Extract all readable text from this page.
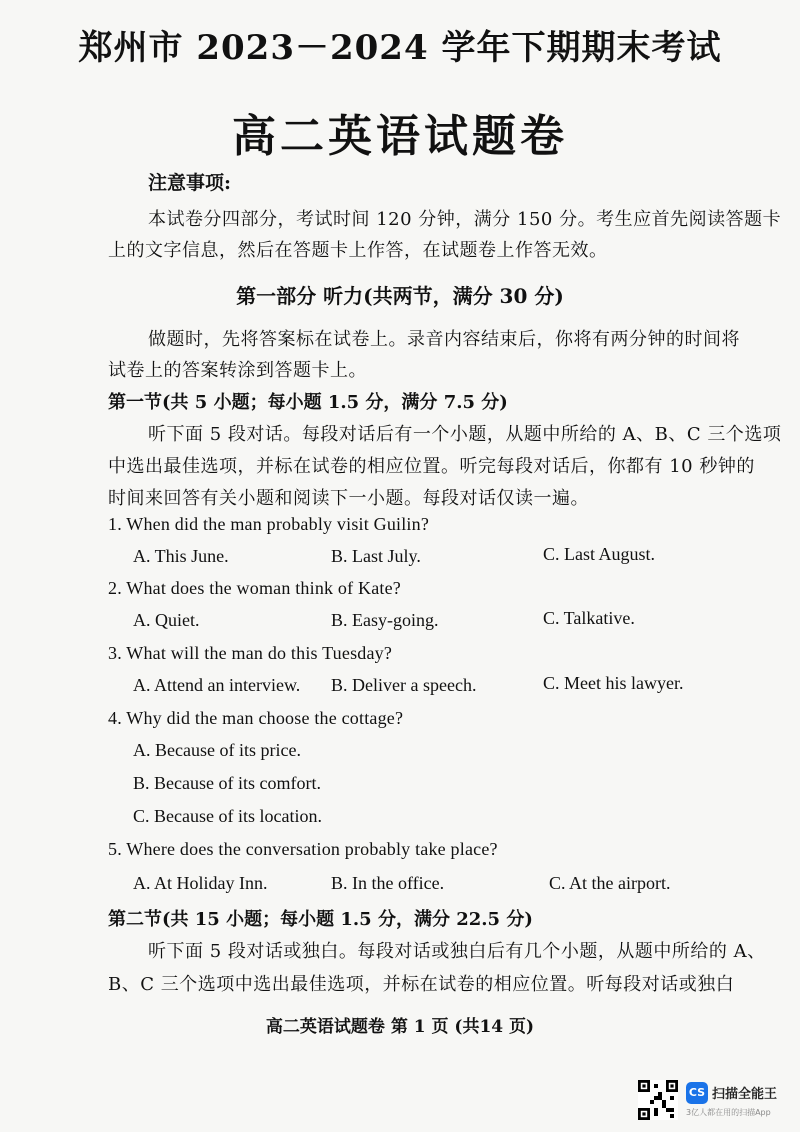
郑州市 2023－2024 学年下期期末考试
高二英语试题卷
注意事项:
本试卷分四部分，考试时间 120 分钟，满分 150 分。考生应首先阅读答题卡
上的文字信息，然后在答题卡上作答，在试题卷上作答无效。
第一部分 听力(共两节，满分 30 分)
做题时，先将答案标在试卷上。录音内容结束后，你将有两分钟的时间将
试卷上的答案转涂到答题卡上。
第一节(共 5 小题；每小题 1.5 分，满分 7.5 分)
听下面 5 段对话。每段对话后有一个小题，从题中所给的 A、B、C 三个选项
中选出最佳选项，并标在试卷的相应位置。听完每段对话后，你都有 10 秒钟的
时间来回答有关小题和阅读下一小题。每段对话仅读一遍。
1. When did the man probably visit Guilin?
A. This June.	B. Last July.	C. Last August.
2. What does the woman think of Kate?
A. Quiet.	B. Easy-going.	C. Talkative.
3. What will the man do this Tuesday?
A. Attend an interview. B. Deliver a speech.	C. Meet his lawyer.
4. Why did the man choose the cottage?
A. Because of its price.
B. Because of its comfort.
C. Because of its location.
5. Where does the conversation probably take place?
A. At Holiday Inn.	B. In the office.	C. At the airport.
第二节(共 15 小题；每小题 1.5 分，满分 22.5 分)
听下面 5 段对话或独白。每段对话或独白后有几个小题，从题中所给的 A、
B、C 三个选项中选出最佳选项，并标在试卷的相应位置。听每段对话或独白
高二英语试题卷 第 1 页 (共14 页)
CS 扫描全能王
3亿人都在用的扫描App
